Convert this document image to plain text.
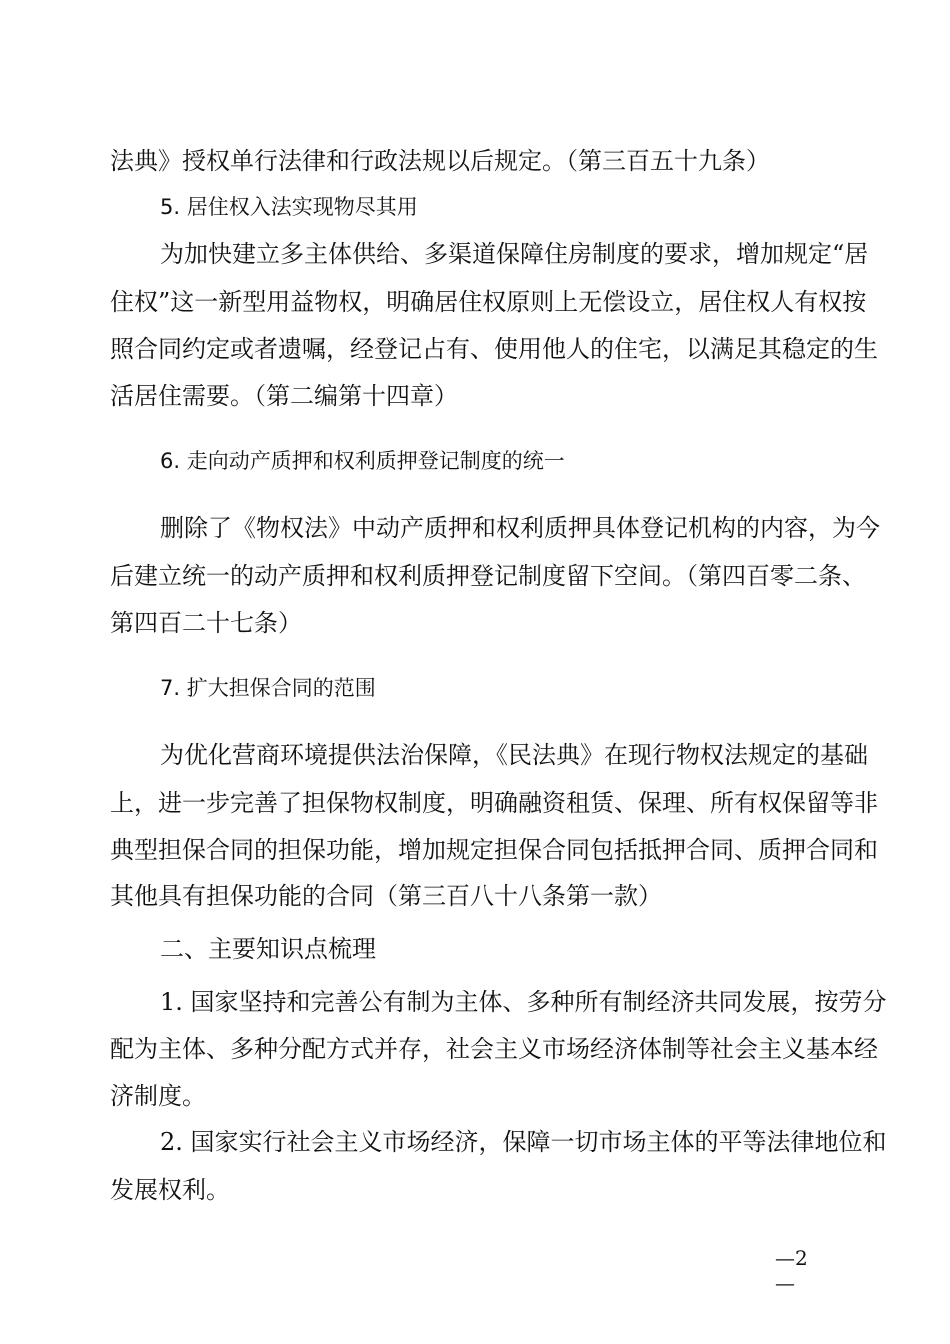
法典》授权单行法律和行政法规以后规定。（第三百五十九条）
5. 居住权入法实现物尽其用
为加快建立多主体供给、多渠道保障住房制度的要求，增加规定“居
住权”这一新型用益物权，明确居住权原则上无偿设立，居住权人有权按
照合同约定或者遗嘱，经登记占有、使用他人的住宅，以满足其稳定的生
活居住需要。（第二编第十四章）
6. 走向动产质押和权利质押登记制度的统一
删除了《物权法》中动产质押和权利质押具体登记机构的内容，为今
后建立统一的动产质押和权利质押登记制度留下空间。（第四百零二条、
第四百二十七条）
7. 扩大担保合同的范围
为优化营商环境提供法治保障，《民法典》在现行物权法规定的基础
上，进一步完善了担保物权制度，明确融资租赁、保理、所有权保留等非
典型担保合同的担保功能，增加规定担保合同包括抵押合同、质押合同和
其他具有担保功能的合同（第三百八十八条第一款）
二、主要知识点梳理
1. 国家坚持和完善公有制为主体、多种所有制经济共同发展，按劳分
配为主体、多种分配方式并存，社会主义市场经济体制等社会主义基本经
济制度。
2. 国家实行社会主义市场经济，保障一切市场主体的平等法律地位和
发展权利。
—2
—
